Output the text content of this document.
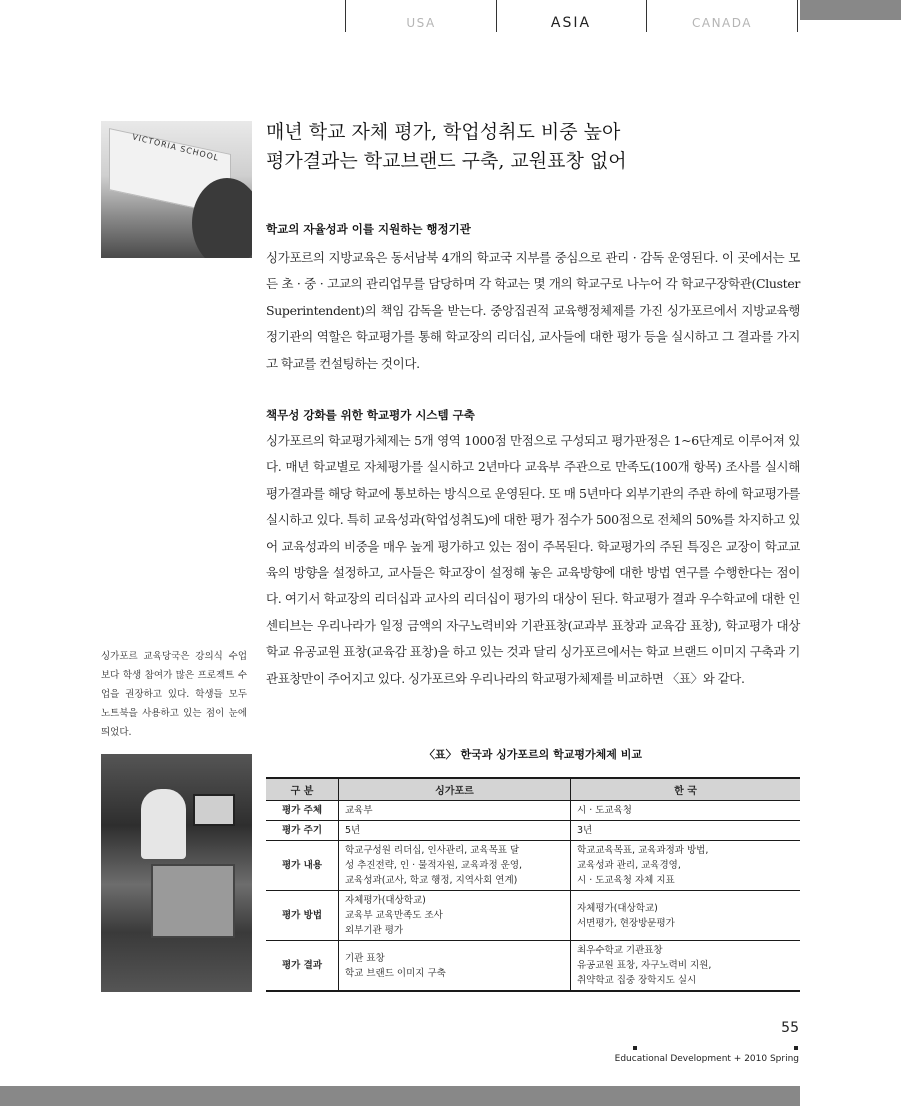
USA	ASIA	CANADA
VICTORIA SCHOOL

싱가포르 교육당국은 강의식 수업보다 학생 참여가 많은 프로젝트 수업을 권장하고 있다. 학생들 모두 노트북을 사용하고 있는 점이 눈에 띄었다.

매년 학교 자체 평가, 학업성취도 비중 높아
평가결과는 학교브랜드 구축, 교원표창 없어
학교의 자율성과 이를 지원하는 행정기관

싱가포르의 지방교육은 동서남북 4개의 학교국 지부를 중심으로 관리 · 감독 운영된다. 이 곳에서는 모든 초 · 중 · 고교의 관리업무를 담당하며 각 학교는 몇 개의 학교구로 나누어 각 학교구장학관(Cluster Superintendent)의 책임 감독을 받는다. 중앙집권적 교육행정체제를 가진 싱가포르에서 지방교육행정기관의 역할은 학교평가를 통해 학교장의 리더십, 교사들에 대한 평가 등을 실시하고 그 결과를 가지고 학교를 컨설팅하는 것이다.

책무성 강화를 위한 학교평가 시스템 구축

싱가포르의 학교평가체제는 5개 영역 1000점 만점으로 구성되고 평가판정은 1~6단계로 이루어져 있다. 매년 학교별로 자체평가를 실시하고 2년마다 교육부 주관으로 만족도(100개 항목) 조사를 실시해 평가결과를 해당 학교에 통보하는 방식으로 운영된다. 또 매 5년마다 외부기관의 주관 하에 학교평가를 실시하고 있다. 특히 교육성과(학업성취도)에 대한 평가 점수가 500점으로 전체의 50%를 차지하고 있어 교육성과의 비중을 매우 높게 평가하고 있는 점이 주목된다. 학교평가의 주된 특징은 교장이 학교교육의 방향을 설정하고, 교사들은 학교장이 설정해 놓은 교육방향에 대한 방법 연구를 수행한다는 점이다. 여기서 학교장의 리더십과 교사의 리더십이 평가의 대상이 된다. 학교평가 결과 우수학교에 대한 인센티브는 우리나라가 일정 금액의 자구노력비와 기관표창(교과부 표창과 교육감 표창), 학교평가 대상학교 유공교원 표창(교육감 표창)을 하고 있는 것과 달리 싱가포르에서는 학교 브랜드 이미지 구축과 기관표창만이 주어지고 있다. 싱가포르와 우리나라의 학교평가체제를 비교하면 〈표〉와 같다.

〈표〉 한국과 싱가포르의 학교평가체제 비교
구 분	싱가포르	한 국
평가 주체	교육부	시 · 도교육청

평가 주기	5년	3년

평가 내용	학교구성원 리더십, 인사관리, 교육목표 달
성 추진전략, 인 · 물적자원, 교육과정 운영,
교육성과(교사, 학교 행정, 지역사회 연계)	학교교육목표, 교육과정과 방법,
교육성과 관리, 교육경영,
시 · 도교육청 자체 지표

평가 방법	자체평가(대상학교)
교육부 교육만족도 조사
외부기관 평가	자체평가(대상학교)
서면평가, 현장방문평가

평가 결과	기관 표창
학교 브랜드 이미지 구축	최우수학교 기관표창
유공교원 표창, 자구노력비 지원,
취약학교 집중 장학지도 실시
55
Educational Development + 2010 Spring
